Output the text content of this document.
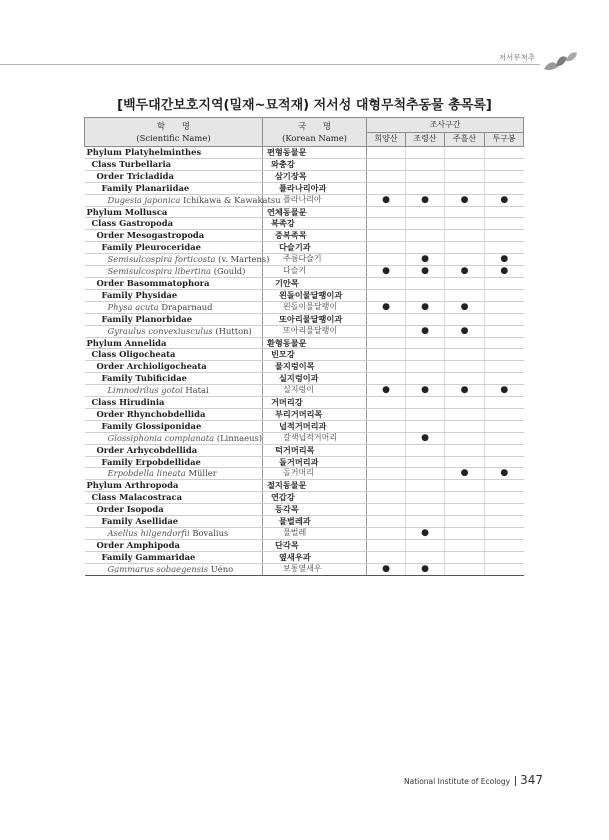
저서무척추
[백두대간보호지역(밀재~묘적재) 저서성 대형무척추동물 총목록]
학　　명
(Scientific Name)	국　　명
(Korean Name)	조사구간			
		희양산	조령산	주흘산	투구봉
Phylum Platyhelminthes	편형동물문				
Class Turbellaria	와충강				
Order Tricladida	삼기장목				
Family Planariidae	플라나리아과				
Dugesia japonica Ichikawa & Kawakatsu	플라나리아	●	●	●	●
Phylum Mollusca	연체동물문				
Class Gastropoda	복족강				
Order Mesogastropoda	중복족목				
Family Pleuroceridae	다슬기과				
Semisulcospira forticosta (v. Martens)	주름다슬기		●		●
Semisulcospira libertina (Gould)	다슬기	●	●	●	●
Order Basommatophora	기안목				
Family Physidae	왼돌이물달팽이과				
Physa acuta Draparnaud	왼돌이물달팽이	●	●	●	
Family Planorbidae	또아리물달팽이과				
Gyraulus convexiusculus (Hutton)	또아리물달팽이		●	●	
Phylum Annelida	환형동물문				
Class Oligocheata	빈모강				
Order Archioligocheata	물지렁이목				
Family Tubificidae	실지렁이과				
Limnodrilus gotoi Hatai	실지렁이	●	●	●	●
Class Hirudinia	거머리강				
Order Rhynchobdellida	부리거머리목				
Family Glossiponidae	넙적거머리과				
Glossiphonia complanata (Linnaeus)	갈색넙적거머리		●		
Order Arhycobdellida	턱거머리목				
Family Erpobdellidae	돌거머리과				
Erpobdella lineata Müller	돌거머리			●	●
Phylum Arthropoda	절지동물문				
Class Malacostraca	연갑강				
Order Isopoda	등각목				
Family Asellidae	물벌레과				
Asellus hilgendorfii Bovalius	물벌레		●		
Order Amphipoda	단각목				
Family Gammaridae	옆새우과				
Gammarus sobaegensis Uéno	보통옆새우	●	●		
National Institute of Ecology 347
